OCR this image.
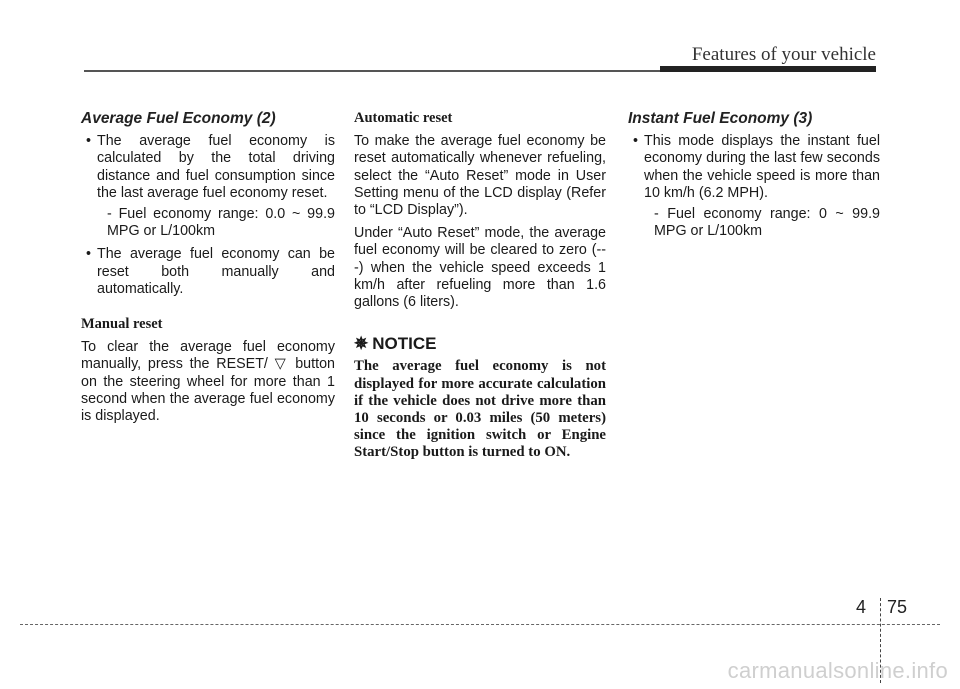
Features of your vehicle
Average Fuel Economy (2)
• The average fuel economy is calculated by the total driving distance and fuel consumption since the last average fuel economy reset.
- Fuel economy range: 0.0 ~ 99.9 MPG or L/100km
• The average fuel economy can be reset both manually and automatically.
Manual reset

To clear the average fuel economy manually, press the RESET/ ▽ button on the steering wheel for more than 1 second when the average fuel economy is displayed.

Automatic reset

To make the average fuel economy be reset automatically whenever refueling, select the “Auto Reset” mode in User Setting menu of the LCD display (Refer to “LCD Display”).

Under “Auto Reset” mode, the average fuel economy will be cleared to zero (---) when the vehicle speed exceeds 1 km/h after refueling more than 1.6 gallons (6 liters).

✵ NOTICE

The average fuel economy is not displayed for more accurate calculation if the vehicle does not drive more than 10 seconds or 0.03 miles (50 meters) since the ignition switch or Engine Start/Stop button is turned to ON.

Instant Fuel Economy (3)
• This mode displays the instant fuel economy during the last few seconds when the vehicle speed is more than 10 km/h (6.2 MPH).
- Fuel economy range: 0 ~ 99.9 MPG or L/100km
4 75
carmanualsonline.info
